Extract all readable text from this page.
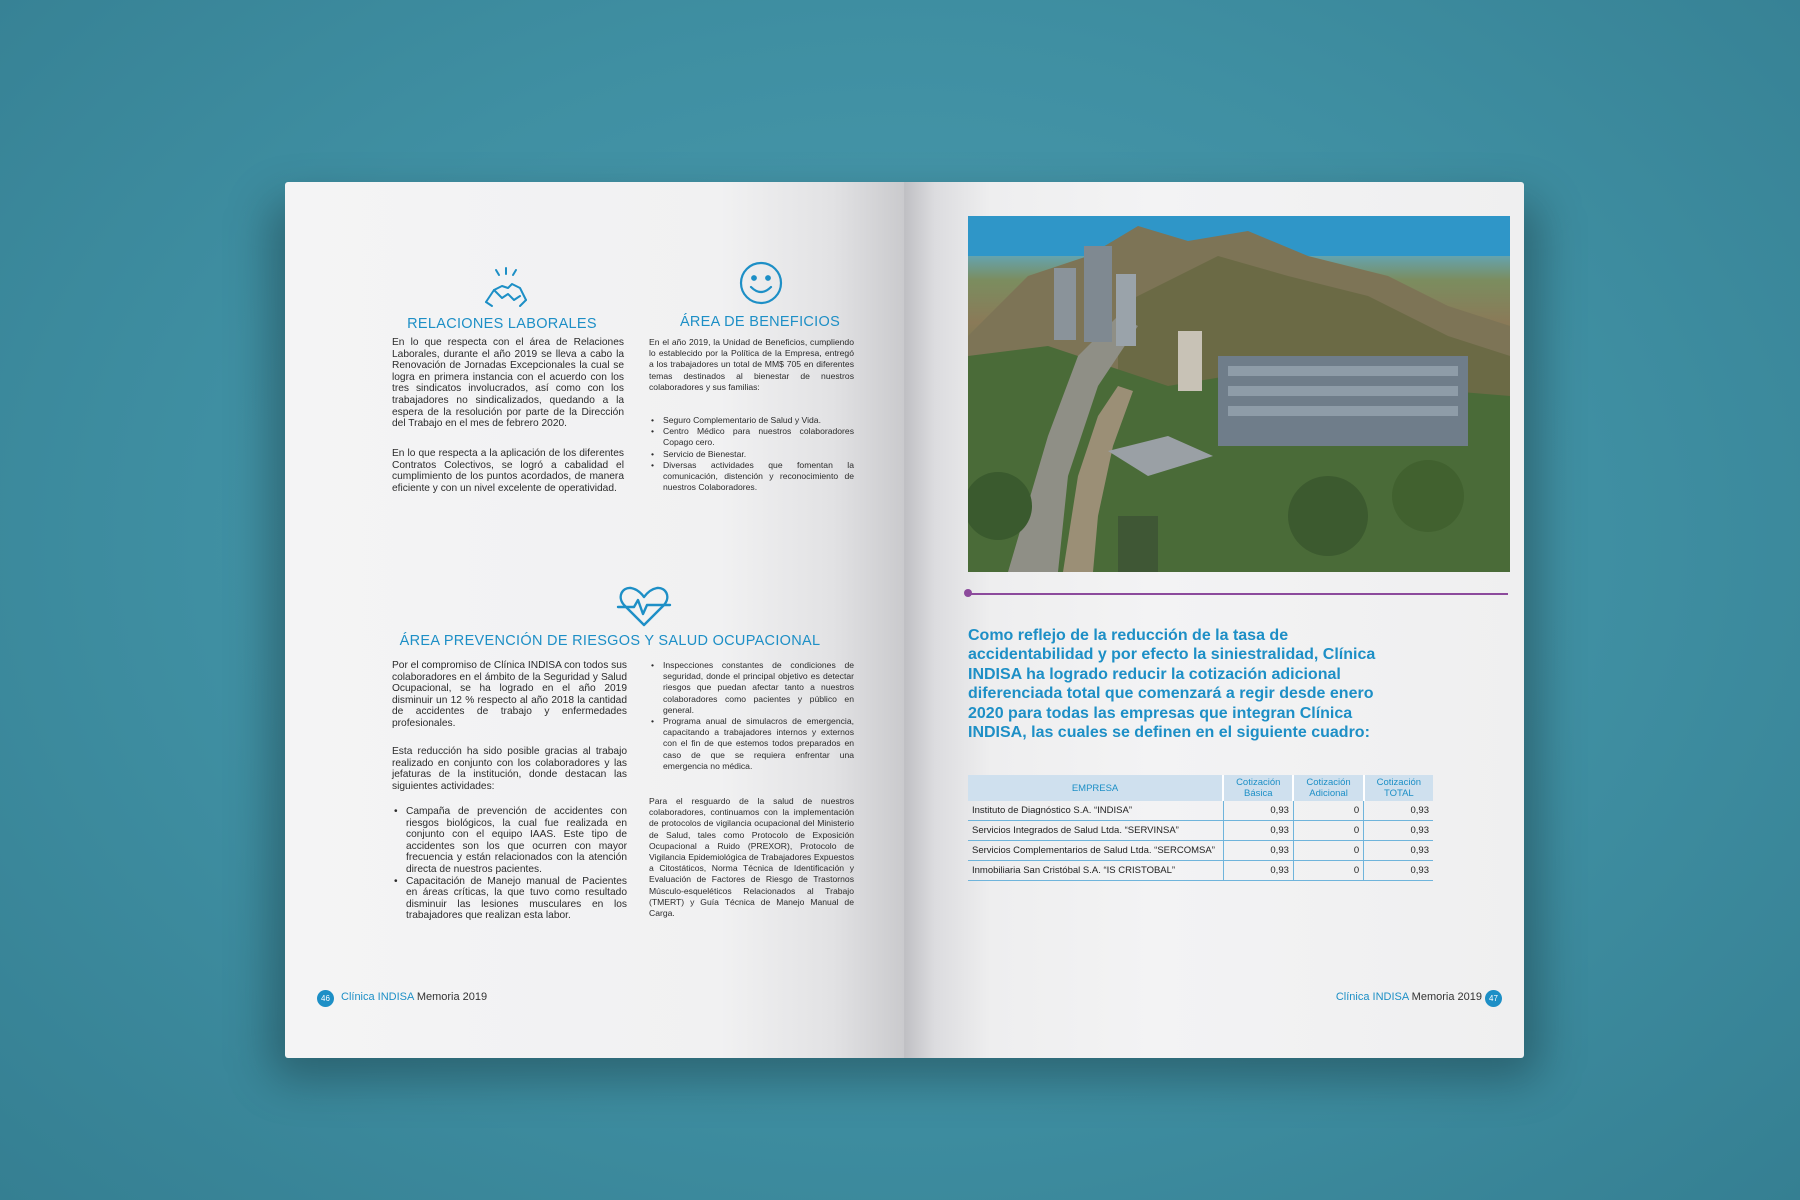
RELACIONES LABORALES

En lo que respecta con el área de Relaciones Laborales, durante el año 2019 se lleva a cabo la Renovación de Jornadas Excepcionales la cual se logra en primera instancia con el acuerdo con los tres sindicatos involucrados, así como con los trabajadores no sindicalizados, quedando a la espera de la resolución por parte de la Dirección del Trabajo en el mes de febrero 2020.

En lo que respecta a la aplicación de los diferentes Contratos Colectivos, se logró a cabalidad el cumplimiento de los puntos acordados, de manera eficiente y con un nivel excelente de operatividad.

ÁREA DE BENEFICIOS

En el año 2019, la Unidad de Beneficios, cumpliendo lo establecido por la Política de la Empresa, entregó a los trabajadores un total de MM$ 705 en diferentes temas destinados al bienestar de nuestros colaboradores y sus familias:

• Seguro Complementario de Salud y Vida.
• Centro Médico para nuestros colaboradores Copago cero.
• Servicio de Bienestar.
• Diversas actividades que fomentan la comunicación, distención y reconocimiento de nuestros Colaboradores.
ÁREA PREVENCIÓN DE RIESGOS Y SALUD OCUPACIONAL

Por el compromiso de Clínica INDISA con todos sus colaboradores en el ámbito de la Seguridad y Salud Ocupacional, se ha logrado en el año 2019 disminuir un 12 % respecto al año 2018 la cantidad de accidentes de trabajo y enfermedades profesionales.

Esta reducción ha sido posible gracias al trabajo realizado en conjunto con los colaboradores y las jefaturas de la institución, donde destacan las siguientes actividades:

• Campaña de prevención de accidentes con riesgos biológicos, la cual fue realizada en conjunto con el equipo IAAS. Este tipo de accidentes son los que ocurren con mayor frecuencia y están relacionados con la atención directa de nuestros pacientes.
• Capacitación de Manejo manual de Pacientes en áreas críticas, la que tuvo como resultado disminuir las lesiones musculares en los trabajadores que realizan esta labor.
• Inspecciones constantes de condiciones de seguridad, donde el principal objetivo es detectar riesgos que puedan afectar tanto a nuestros colaboradores como pacientes y público en general.
• Programa anual de simulacros de emergencia, capacitando a trabajadores internos y externos con el fin de que estemos todos preparados en caso de que se requiera enfrentar una emergencia no médica.

Para el resguardo de la salud de nuestros colaboradores, continuamos con la implementación de protocolos de vigilancia ocupacional del Ministerio de Salud, tales como Protocolo de Exposición Ocupacional a Ruido (PREXOR), Protocolo de Vigilancia Epidemiológica de Trabajadores Expuestos a Citostáticos, Norma Técnica de Identificación y Evaluación de Factores de Riesgo de Trastornos Músculo-esqueléticos Relacionados al Trabajo (TMERT) y Guía Técnica de Manejo Manual de Carga.

46	Clínica INDISA Memoria 2019

Como reflejo de la reducción de la tasa de accidentabilidad y por efecto la siniestralidad, Clínica INDISA ha logrado reducir la cotización adicional diferenciada total que comenzará a regir desde enero 2020 para todas las empresas que integran Clínica INDISA, las cuales se definen en el siguiente cuadro:

EMPRESA	Cotización Básica	Cotización Adicional	Cotización TOTAL
Instituto de Diagnóstico S.A. “INDISA”	0,93	0	0,93
Servicios Integrados de Salud Ltda. “SERVINSA”	0,93	0	0,93
Servicios Complementarios de Salud Ltda. “SERCOMSA”	0,93	0	0,93
Inmobiliaria San Cristóbal S.A. “IS CRISTOBAL”	0,93	0	0,93
Clínica INDISA Memoria 2019 47
